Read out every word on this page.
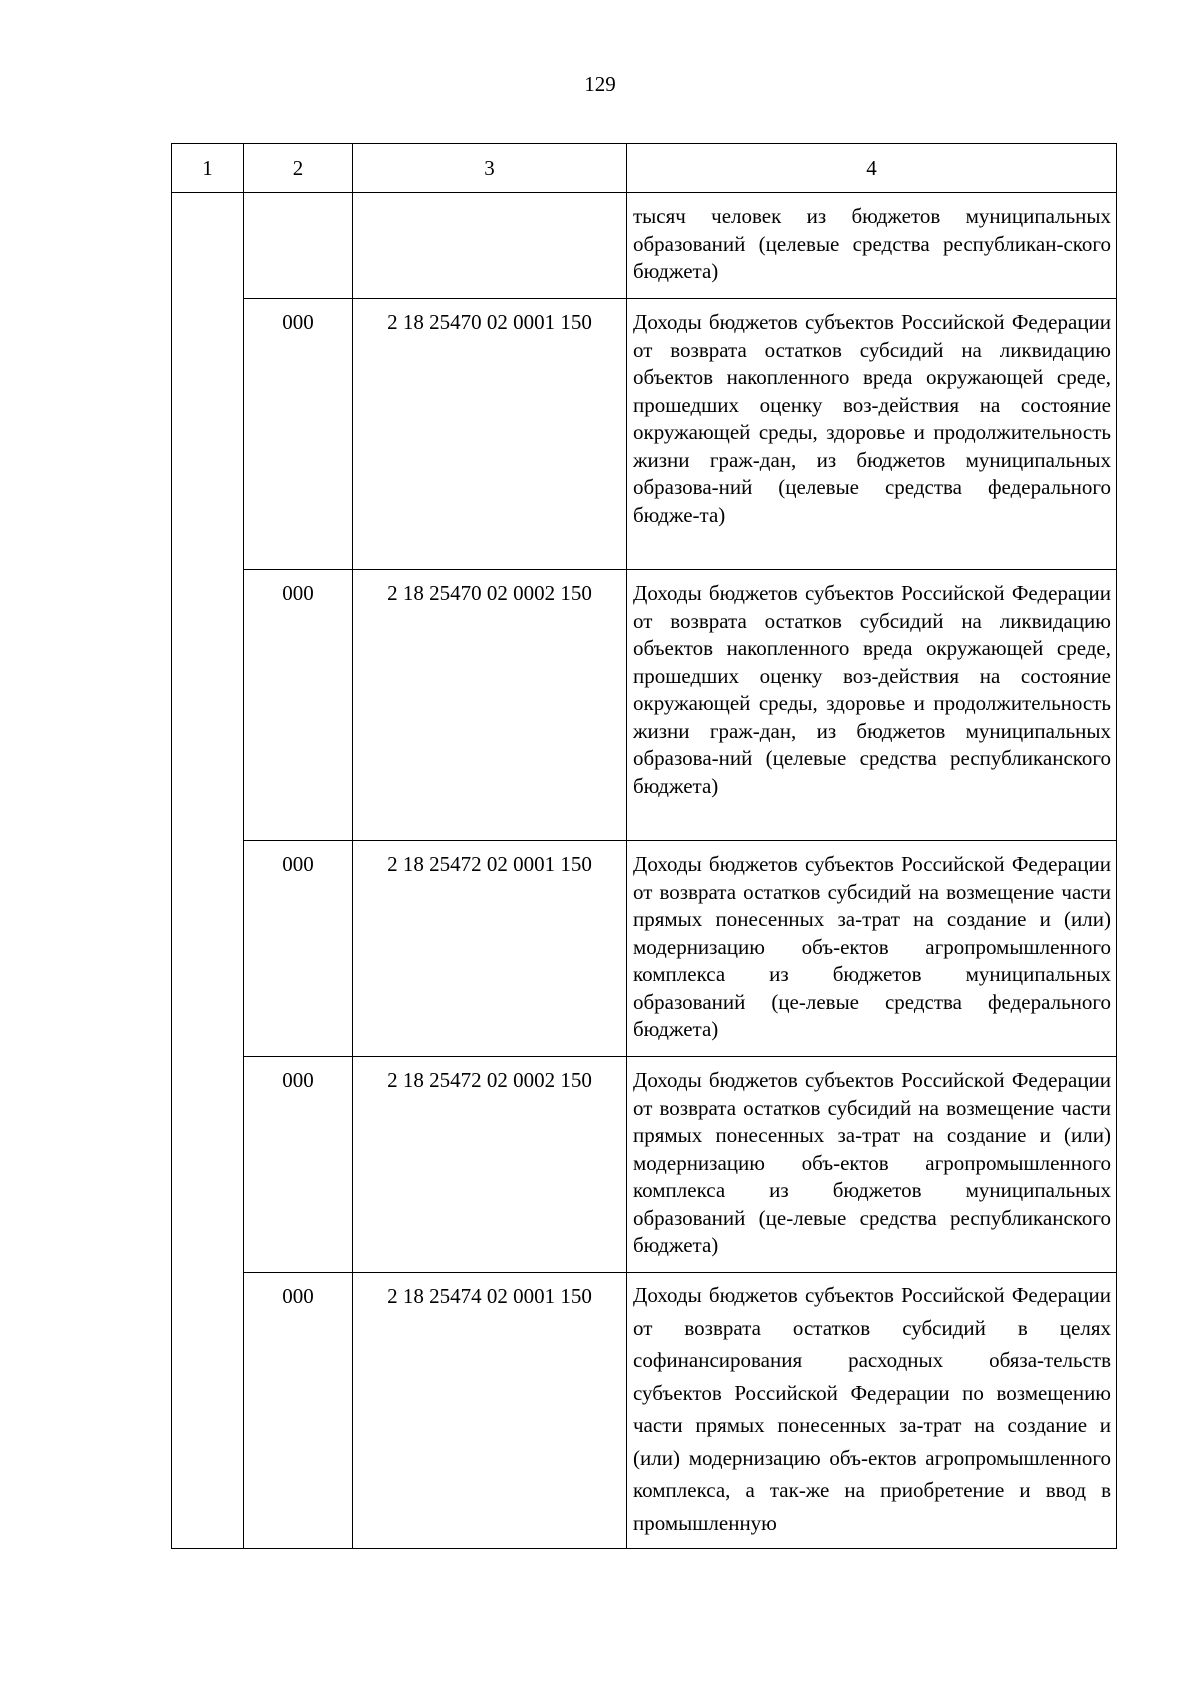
129
1	2	3	4
			тысяч человек из бюджетов муниципальных образований (целевые средства республикан-ского бюджета)
	000	2 18 25470 02 0001 150	Доходы бюджетов субъектов Российской Федерации от возврата остатков субсидий на ликвидацию объектов накопленного вреда окружающей среде, прошедших оценку воз-действия на состояние окружающей среды, здоровье и продолжительность жизни граж-дан, из бюджетов муниципальных образова-ний (целевые средства федерального бюдже-та)
	000	2 18 25470 02 0002 150	Доходы бюджетов субъектов Российской Федерации от возврата остатков субсидий на ликвидацию объектов накопленного вреда окружающей среде, прошедших оценку воз-действия на состояние окружающей среды, здоровье и продолжительность жизни граж-дан, из бюджетов муниципальных образова-ний (целевые средства республиканского бюджета)
	000	2 18 25472 02 0001 150	Доходы бюджетов субъектов Российской Федерации от возврата остатков субсидий на возмещение части прямых понесенных за-трат на создание и (или) модернизацию объ-ектов агропромышленного комплекса из бюджетов муниципальных образований (це-левые средства федерального бюджета)
	000	2 18 25472 02 0002 150	Доходы бюджетов субъектов Российской Федерации от возврата остатков субсидий на возмещение части прямых понесенных за-трат на создание и (или) модернизацию объ-ектов агропромышленного комплекса из бюджетов муниципальных образований (це-левые средства республиканского бюджета)
	000	2 18 25474 02 0001 150	Доходы бюджетов субъектов Российской Федерации от возврата остатков субсидий в целях софинансирования расходных обяза-тельств субъектов Российской Федерации по возмещению части прямых понесенных за-трат на создание и (или) модернизацию объ-ектов агропромышленного комплекса, а так-же на приобретение и ввод в промышленную
